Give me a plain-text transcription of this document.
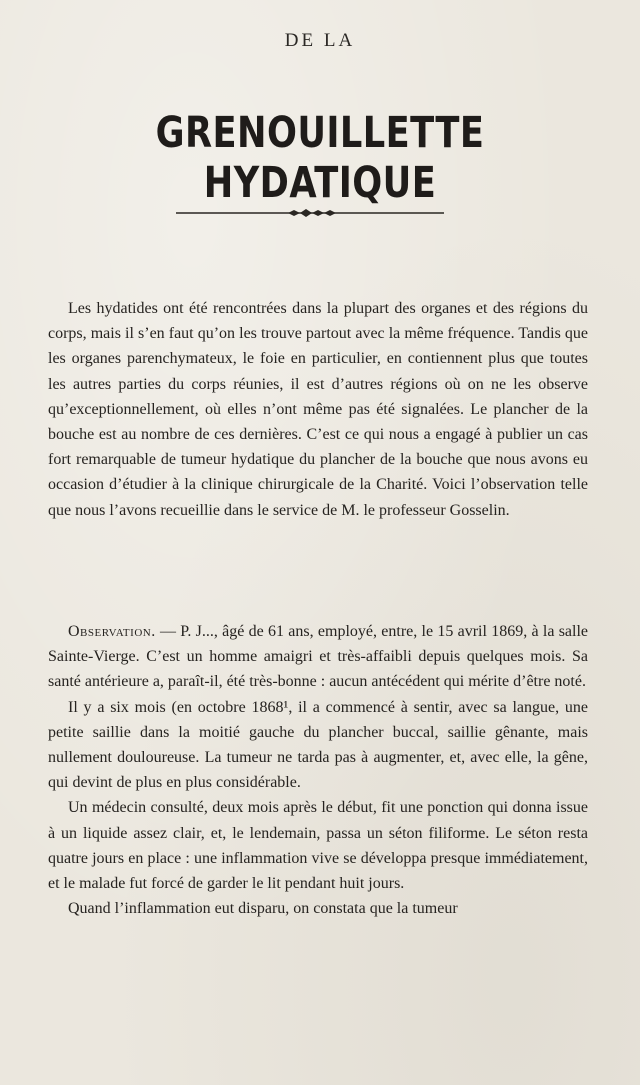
DE LA
GRENOUILLETTE HYDATIQUE

Les hydatides ont été rencontrées dans la plupart des organes et des régions du corps, mais il s’en faut qu’on les trouve partout avec la même fréquence. Tandis que les organes parenchymateux, le foie en particulier, en contiennent plus que toutes les autres parties du corps réunies, il est d’autres régions où on ne les observe qu’exceptionnellement, où elles n’ont même pas été signalées. Le plancher de la bouche est au nombre de ces dernières. C’est ce qui nous a engagé à publier un cas fort remarquable de tumeur hydatique du plancher de la bouche que nous avons eu occasion d’étudier à la clinique chirurgicale de la Charité. Voici l’observation telle que nous l’avons recueillie dans le service de M. le professeur Gosselin.

Observation. — P. J..., âgé de 61 ans, employé, entre, le 15 avril 1869, à la salle Sainte-Vierge. C’est un homme amaigri et très-affaibli depuis quelques mois. Sa santé antérieure a, paraît-il, été très-bonne : aucun antécédent qui mérite d’être noté.

Il y a six mois (en octobre 1868¹, il a commencé à sentir, avec sa langue, une petite saillie dans la moitié gauche du plancher buccal, saillie gênante, mais nullement douloureuse. La tumeur ne tarda pas à augmenter, et, avec elle, la gêne, qui devint de plus en plus considérable.

Un médecin consulté, deux mois après le début, fit une ponction qui donna issue à un liquide assez clair, et, le lendemain, passa un séton filiforme. Le séton resta quatre jours en place : une inflammation vive se développa presque immédiatement, et le malade fut forcé de garder le lit pendant huit jours.

Quand l’inflammation eut disparu, on constata que la tumeur
